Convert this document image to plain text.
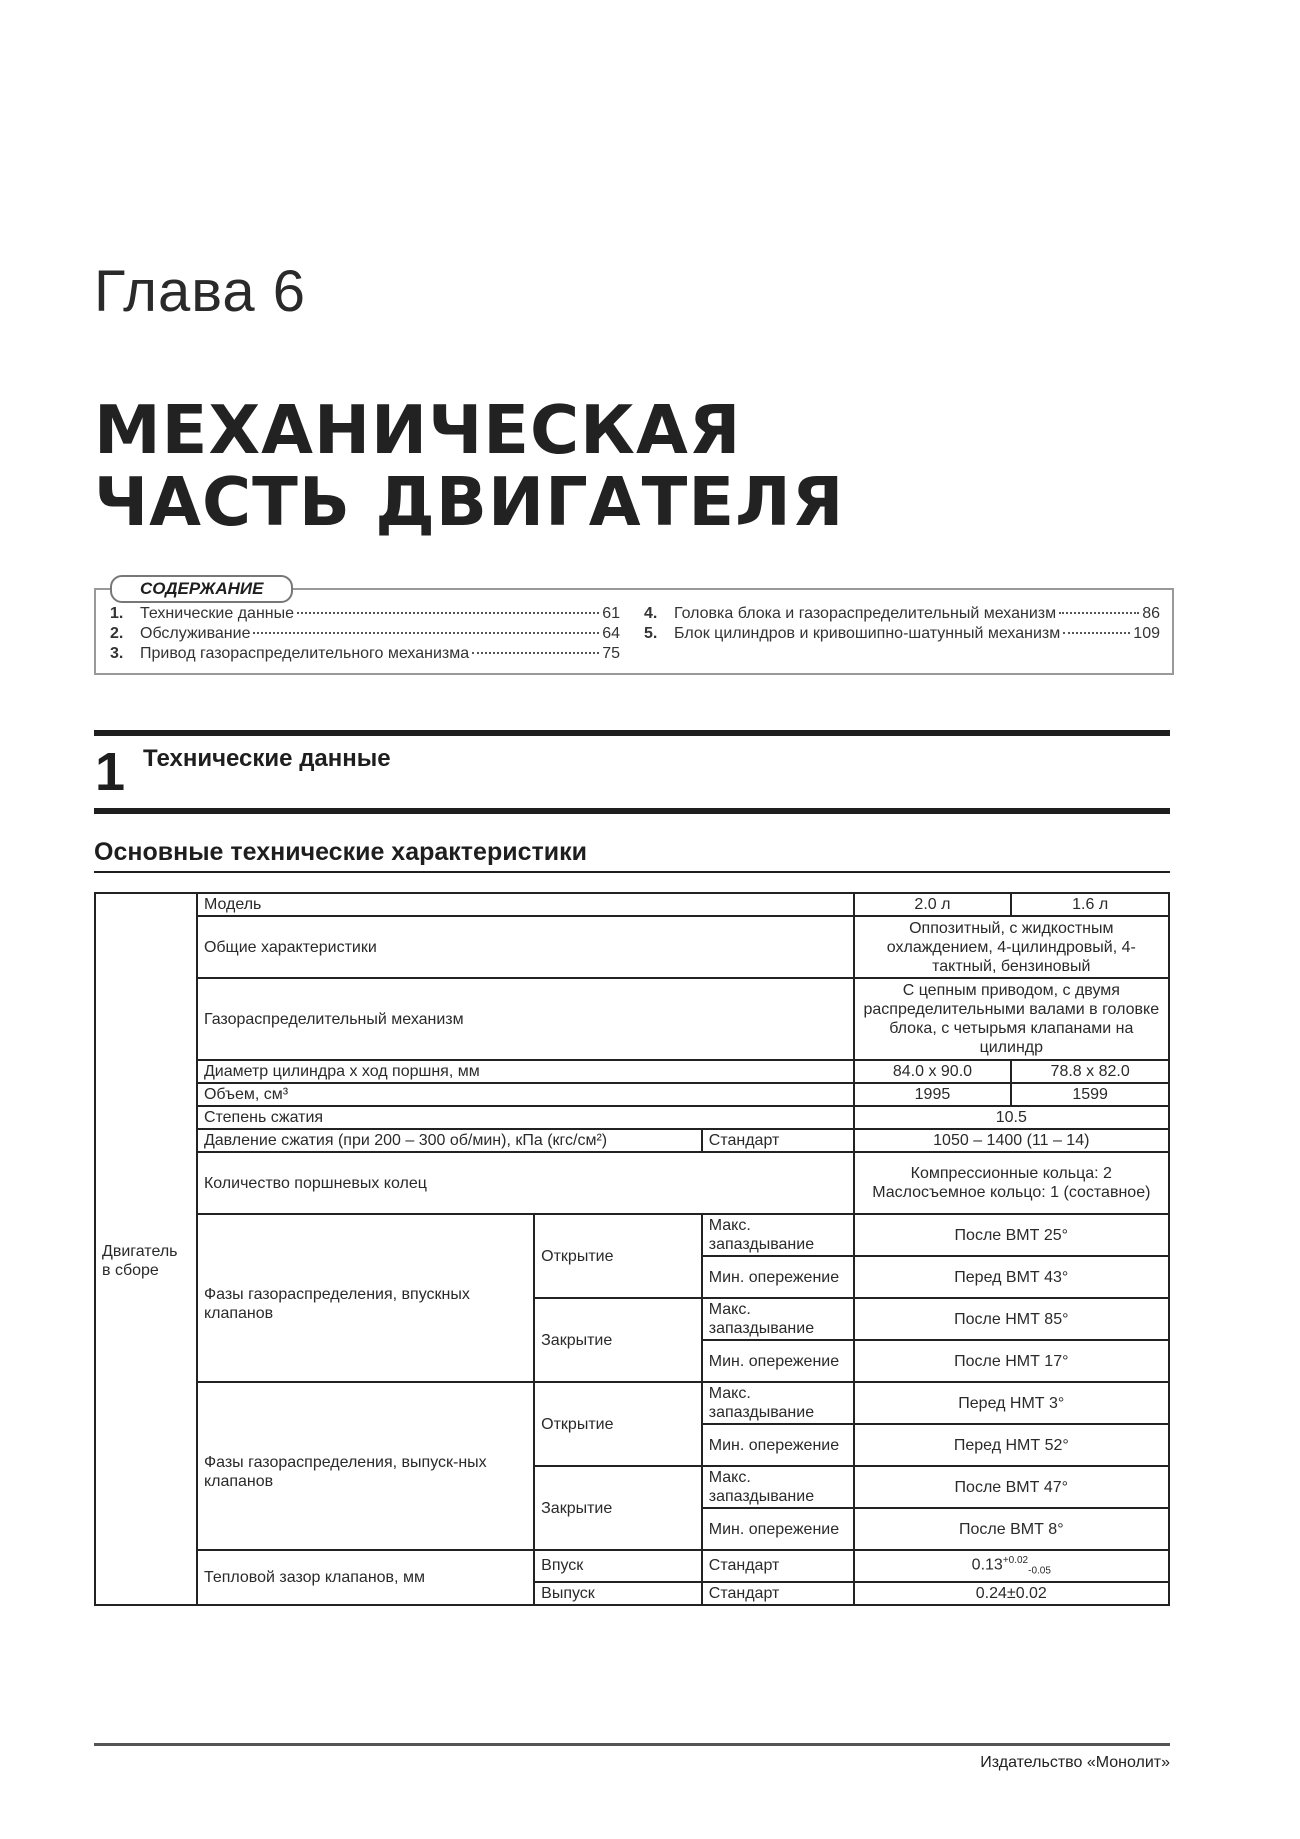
Глава 6
МЕХАНИЧЕСКАЯ
ЧАСТЬ ДВИГАТЕЛЯ
СОДЕРЖАНИЕ
1.	Технические данные	61
2.	Обслуживание	64
3.	Привод газораспределительного механизма	75
4.	Головка блока и газораспределительный механизм	86
5.	Блок цилиндров и кривошипно-шатунный механизм	109
1 Технические данные
Основные технические характеристики
Двигатель в сборе	Модель			2.0 л	1.6 л
	Общие характеристики			Оппозитный, с жидкостным охлаждением, 4-цилиндровый, 4-тактный, бензиновый	
	Газораспределительный механизм			С цепным приводом, с двумя распределительными валами в головке блока, с четырьмя клапанами на цилиндр	
	Диаметр цилиндра х ход поршня, мм			84.0 х 90.0	78.8 х 82.0
	Объем, см³			1995	1599
	Степень сжатия			10.5	
	Давление сжатия (при 200 – 300 об/мин), кПа (кгс/см²)		Стандарт	1050 – 1400 (11 – 14)	
	Количество поршневых колец			Компрессионные кольца: 2 Маслосъемное кольцо: 1 (составное)	
	Фазы газораспределения, впускных клапанов	Открытие	Макс. запаздывание	После ВМТ 25°	
			Мин. опережение	Перед ВМТ 43°	
		Закрытие	Макс. запаздывание	После НМТ 85°	
			Мин. опережение	После НМТ 17°	
	Фазы газораспределения, выпуск-ных клапанов	Открытие	Макс. запаздывание	Перед НМТ 3°	
			Мин. опережение	Перед НМТ 52°	
		Закрытие	Макс. запаздывание	После ВМТ 47°	
			Мин. опережение	После ВМТ 8°	
	Тепловой зазор клапанов, мм	Впуск	Стандарт	$0.13^{+0.02}_{-0.05}$
		Выпуск	Стандарт	0.24±0.02	
Издательство «Монолит»
